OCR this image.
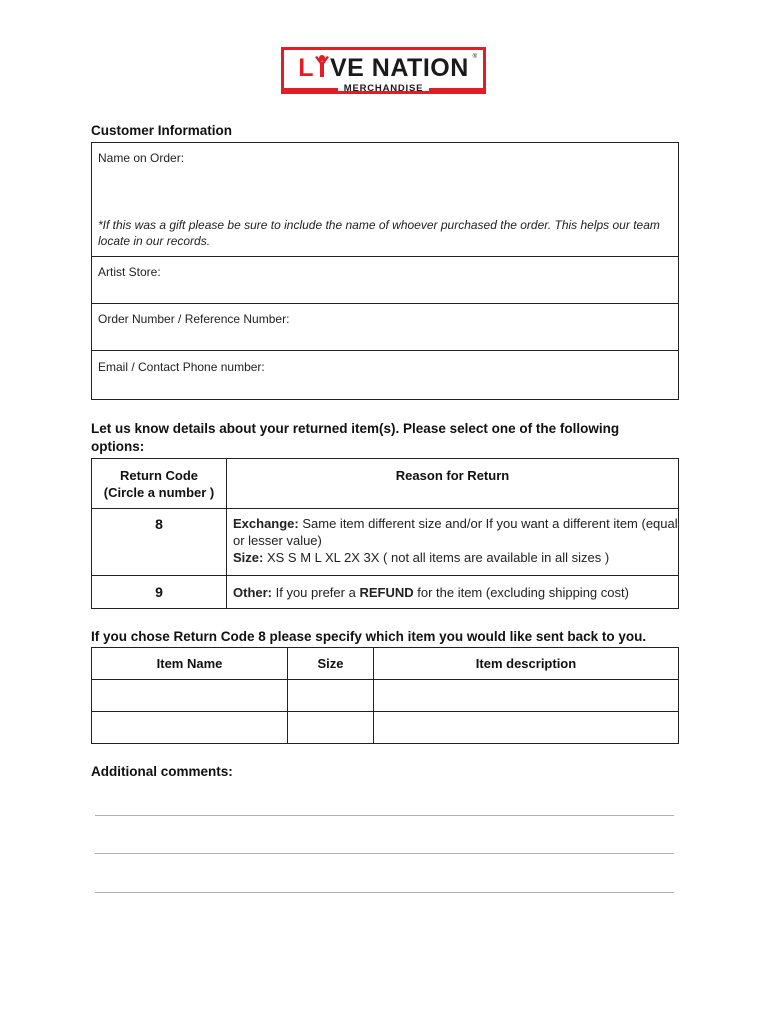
L VE NATION ®
MERCHANDISE
Customer Information
Name on Order:
*If this was a gift please be sure to include the name of whoever purchased the order. This helps our team locate in our records.
Artist Store:
Order Number / Reference Number:
Email / Contact Phone number:
Let us know details about your returned item(s). Please select one of the following options:
Return Code
(Circle a number )	Reason for Return
8	Exchange: Same item different size and/or If you want a different item (equal or lesser value)
Size: XS S M L XL 2X 3X ( not all items are available in all sizes )
9	Other: If you prefer a REFUND for the item (excluding shipping cost)
If you chose Return Code 8 please specify which item you would like sent back to you.
Item Name	Size	Item description

Additional comments:
